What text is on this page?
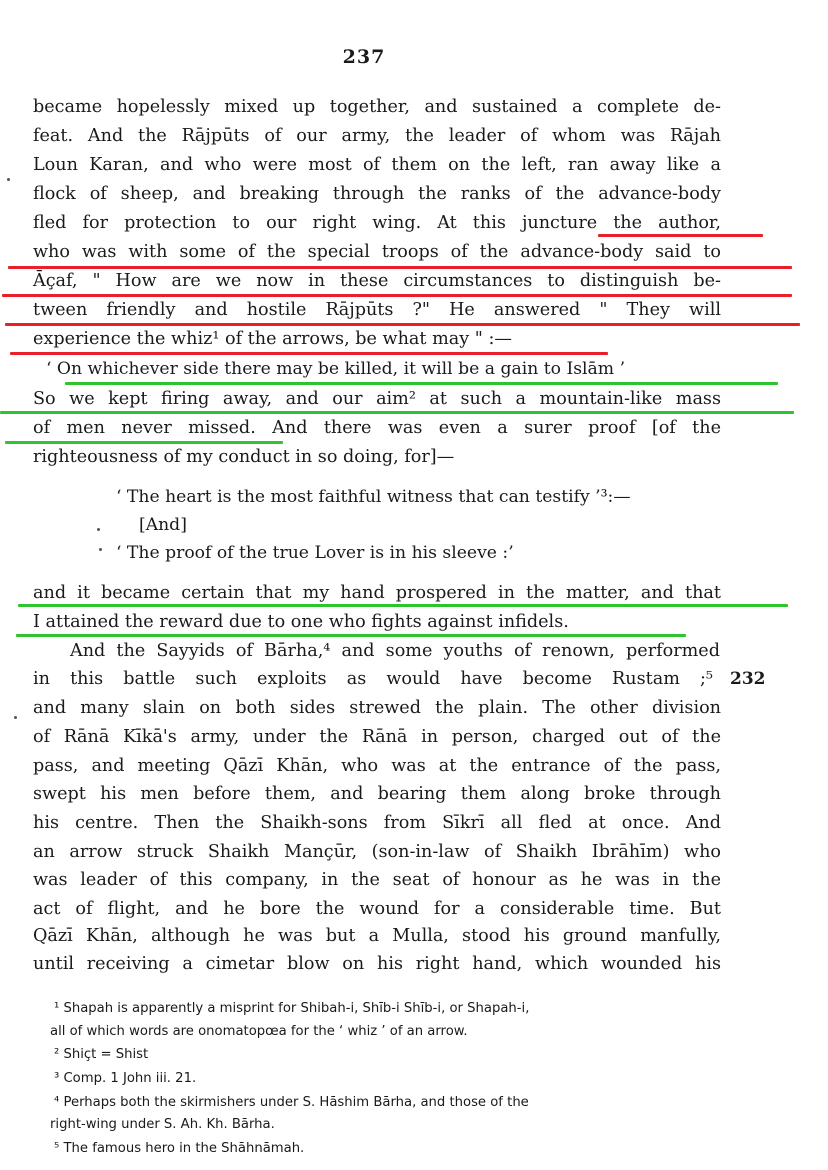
237
became hopelessly mixed up together, and sustained a complete de-
feat. And the Rājpūts of our army, the leader of whom was Rājah
Loun Karan, and who were most of them on the left, ran away like a
flock of sheep, and breaking through the ranks of the advance-body
fled for protection to our right wing. At this juncture the author,
who was with some of the special troops of the advance-body said to
Āçaf, " How are we now in these circumstances to distinguish be-
tween friendly and hostile Rājpūts ?" He answered " They will
experience the whiz¹ of the arrows, be what may " :—
‘ On whichever side there may be killed, it will be a gain to Islām ’
So we kept firing away, and our aim² at such a mountain-like mass
of men never missed. And there was even a surer proof [of the
righteousness of my conduct in so doing, for]—
‘ The heart is the most faithful witness that can testify ’³:—
[And]
‘ The proof of the true Lover is in his sleeve :’
and it became certain that my hand prospered in the matter, and that
I attained the reward due to one who fights against infidels.
And the Sayyids of Bārha,⁴ and some youths of renown, performed
in this battle such exploits as would have become Rustam ;⁵
and many slain on both sides strewed the plain. The other division
of Rānā Kīkā's army, under the Rānā in person, charged out of the
pass, and meeting Qāzī Khān, who was at the entrance of the pass,
swept his men before them, and bearing them along broke through
his centre. Then the Shaikh-sons from Sīkrī all fled at once. And
an arrow struck Shaikh Mançūr, (son-in-law of Shaikh Ibrāhīm) who
was leader of this company, in the seat of honour as he was in the
act of flight, and he bore the wound for a considerable time. But
Qāzī Khān, although he was but a Mulla, stood his ground manfully,
until receiving a cimetar blow on his right hand, which wounded his
232
¹ Shapah is apparently a misprint for Shibah-i, Shīb-i Shīb-i, or Shapah-i,
all of which words are onomatopœa for the ‘ whiz ’ of an arrow.
² Shiçt = Shist
³ Comp. 1 John iii. 21.
⁴ Perhaps both the skirmishers under S. Hāshim Bārha, and those of the
right-wing under S. Ah. Kh. Bārha.
⁵ The famous hero in the Shāhnāmah.
